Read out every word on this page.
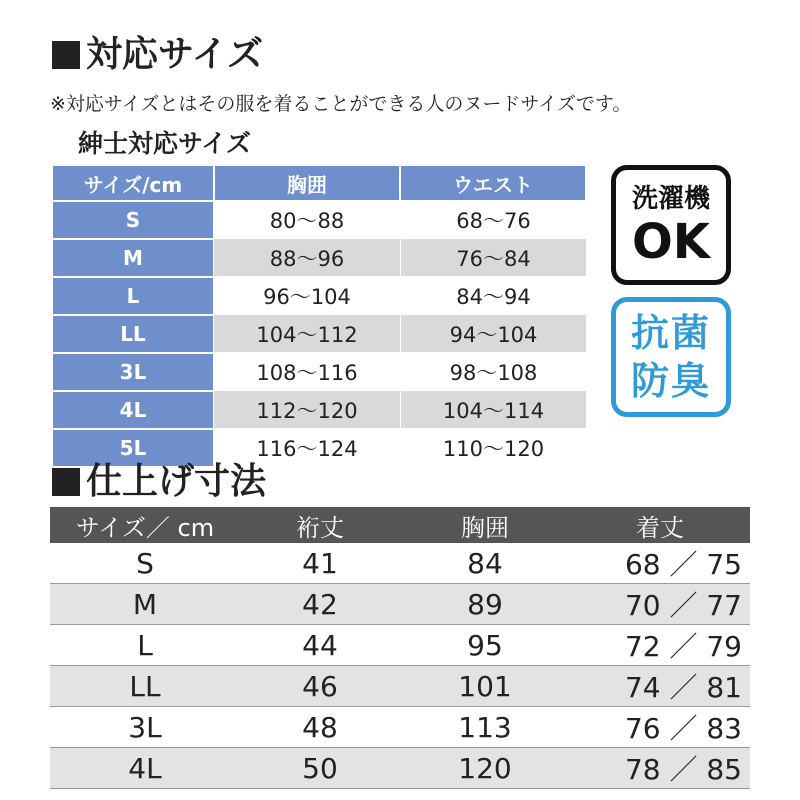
対応サイズ
※対応サイズとはその服を着ることができる人のヌードサイズです。
紳士対応サイズ
サイズ/cm	胸囲	ウエスト
S	80～88	68～76
M	88～96	76～84
L	96～104	84～94
LL	104～112	94～104
3L	108～116	98～108
4L	112～120	104～114
5L	116～124	110～120
洗濯機
OK
抗菌
防臭
仕上げ寸法
サイズ／ cm	裄丈	胸囲	着丈
S	41	84	68 ／ 75
M	42	89	70 ／ 77
L	44	95	72 ／ 79
LL	46	101	74 ／ 81
3L	48	113	76 ／ 83
4L	50	120	78 ／ 85
